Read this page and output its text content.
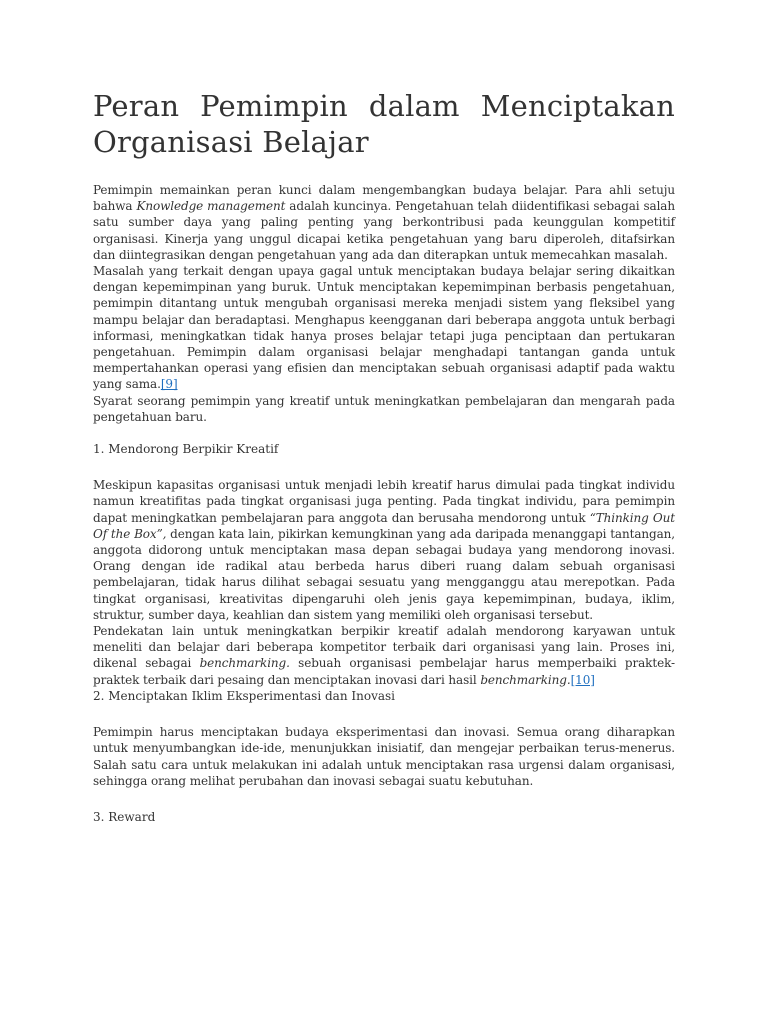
Peran Pemimpin dalam Menciptakan Organisasi Belajar

Pemimpin memainkan peran kunci dalam mengembangkan budaya belajar. Para ahli setuju bahwa Knowledge management adalah kuncinya. Pengetahuan telah diidentifikasi sebagai salah satu sumber daya yang paling penting yang berkontribusi pada keunggulan kompetitif organisasi. Kinerja yang unggul dicapai ketika pengetahuan yang baru diperoleh, ditafsirkan dan diintegrasikan dengan pengetahuan yang ada dan diterapkan untuk memecahkan masalah.

Masalah yang terkait dengan upaya gagal untuk menciptakan budaya belajar sering dikaitkan dengan kepemimpinan yang buruk. Untuk menciptakan kepemimpinan berbasis pengetahuan, pemimpin ditantang untuk mengubah organisasi mereka menjadi sistem yang fleksibel yang mampu belajar dan beradaptasi. Menghapus keengganan dari beberapa anggota untuk berbagi informasi, meningkatkan tidak hanya proses belajar tetapi juga penciptaan dan pertukaran pengetahuan. Pemimpin dalam organisasi belajar menghadapi tantangan ganda untuk mempertahankan operasi yang efisien dan menciptakan sebuah organisasi adaptif pada waktu yang sama.[9]

Syarat seorang pemimpin yang kreatif untuk meningkatkan pembelajaran dan mengarah pada pengetahuan baru.

1. Mendorong Berpikir Kreatif

Meskipun kapasitas organisasi untuk menjadi lebih kreatif harus dimulai pada tingkat individu namun kreatifitas pada tingkat organisasi juga penting. Pada tingkat individu, para pemimpin dapat meningkatkan pembelajaran para anggota dan berusaha mendorong untuk “Thinking Out Of the Box”, dengan kata lain, pikirkan kemungkinan yang ada daripada menanggapi tantangan, anggota didorong untuk menciptakan masa depan sebagai budaya yang mendorong inovasi. Orang dengan ide radikal atau berbeda harus diberi ruang dalam sebuah organisasi pembelajaran, tidak harus dilihat sebagai sesuatu yang mengganggu atau merepotkan. Pada tingkat organisasi, kreativitas dipengaruhi oleh jenis gaya kepemimpinan, budaya, iklim, struktur, sumber daya, keahlian dan sistem yang memiliki oleh organisasi tersebut.

Pendekatan lain untuk meningkatkan berpikir kreatif adalah mendorong karyawan untuk meneliti dan belajar dari beberapa kompetitor terbaik dari organisasi yang lain. Proses ini, dikenal sebagai benchmarking. sebuah organisasi pembelajar harus memperbaiki praktek-praktek terbaik dari pesaing dan menciptakan inovasi dari hasil benchmarking.[10]

2. Menciptakan Iklim Eksperimentasi dan Inovasi

Pemimpin harus menciptakan budaya eksperimentasi dan inovasi. Semua orang diharapkan untuk menyumbangkan ide-ide, menunjukkan inisiatif, dan mengejar perbaikan terus-menerus. Salah satu cara untuk melakukan ini adalah untuk menciptakan rasa urgensi dalam organisasi, sehingga orang melihat perubahan dan inovasi sebagai suatu kebutuhan.

3. Reward
